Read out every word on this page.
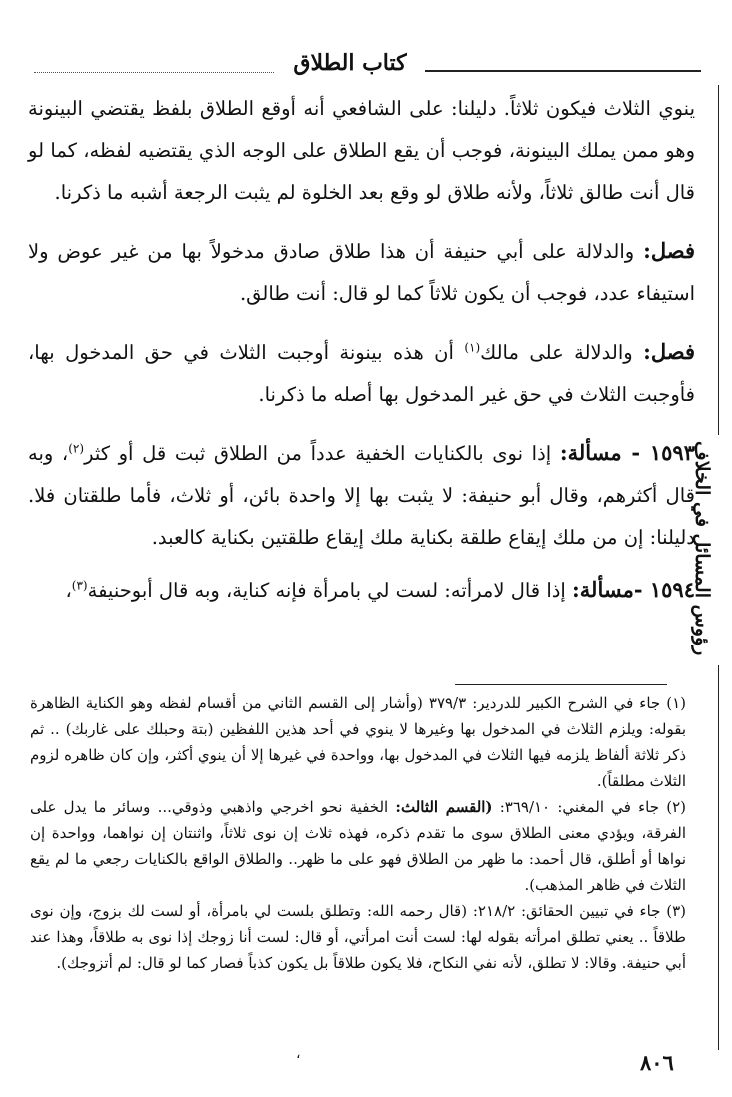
كتاب الطلاق
رؤوس المسائل في الخلاف

ينوي الثلاث فيكون ثلاثاً. دليلنا: على الشافعي أنه أوقع الطلاق بلفظ يقتضي البينونة وهو ممن يملك البينونة، فوجب أن يقع الطلاق على الوجه الذي يقتضيه لفظه، كما لو قال أنت طالق ثلاثاً، ولأنه طلاق لو وقع بعد الخلوة لم يثبت الرجعة أشبه ما ذكرنا.

فصل: والدلالة على أبي حنيفة أن هذا طلاق صادق مدخولاً بها من غير عوض ولا استيفاء عدد، فوجب أن يكون ثلاثاً كما لو قال: أنت طالق.

فصل: والدلالة على مالك$^{(١)}$ أن هذه بينونة أوجبت الثلاث في حق المدخول بها، فأوجبت الثلاث في حق غير المدخول بها أصله ما ذكرنا.

١٥٩٣ - مسألة: إذا نوى بالكنايات الخفية عدداً من الطلاق ثبت قل أو كثر$^{(٢)}$، وبه قال أكثرهم، وقال أبو حنيفة: لا يثبت بها إلا واحدة بائن، أو ثلاث، فأما طلقتان فلا. دليلنا: إن من ملك إيقاع طلقة بكناية ملك إيقاع طلقتين بكناية كالعبد.

١٥٩٤ -مسألة: إذا قال لامرأته: لست لي بامرأة فإنه كناية، وبه قال أبوحنيفة$^{(٣)}$،

(١) جاء في الشرح الكبير للدردير: ٣٧٩/٣ (وأشار إلى القسم الثاني من أقسام لفظه وهو الكناية الظاهرة بقوله: ويلزم الثلاث في المدخول بها وغيرها لا ينوي في أحد هذين اللفظين (بتة وحبلك على غاربك) .. ثم ذكر ثلاثة ألفاظ يلزمه فيها الثلاث في المدخول بها، وواحدة في غيرها إلا أن ينوي أكثر، وإن كان ظاهره لزوم الثلاث مطلقاً).

(٢) جاء في المغني: ٣٦٩/١٠: (القسم الثالث: الخفية نحو اخرجي واذهبي وذوقي... وسائر ما يدل على الفرقة، ويؤدي معنى الطلاق سوى ما تقدم ذكره، فهذه ثلاث إن نوى ثلاثاً، واثنتان إن نواهما، وواحدة إن نواها أو أطلق، قال أحمد: ما ظهر من الطلاق فهو على ما ظهر.. والطلاق الواقع بالكنايات رجعي ما لم يقع الثلاث في ظاهر المذهب).

(٣) جاء في تبيين الحقائق: ٢١٨/٢: (قال رحمه الله: وتطلق بلست لي بامرأة، أو لست لك بزوج، وإن نوى طلاقاً .. يعني تطلق امرأته بقوله لها: لست أنت امرأتي، أو قال: لست أنا زوجك إذا نوى به طلاقاً، وهذا عند أبي حنيفة. وقالا: لا تطلق، لأنه نفي النكاح، فلا يكون طلاقاً بل يكون كذباً فصار كما لو قال: لم أتزوجك).

،	٨٠٦
